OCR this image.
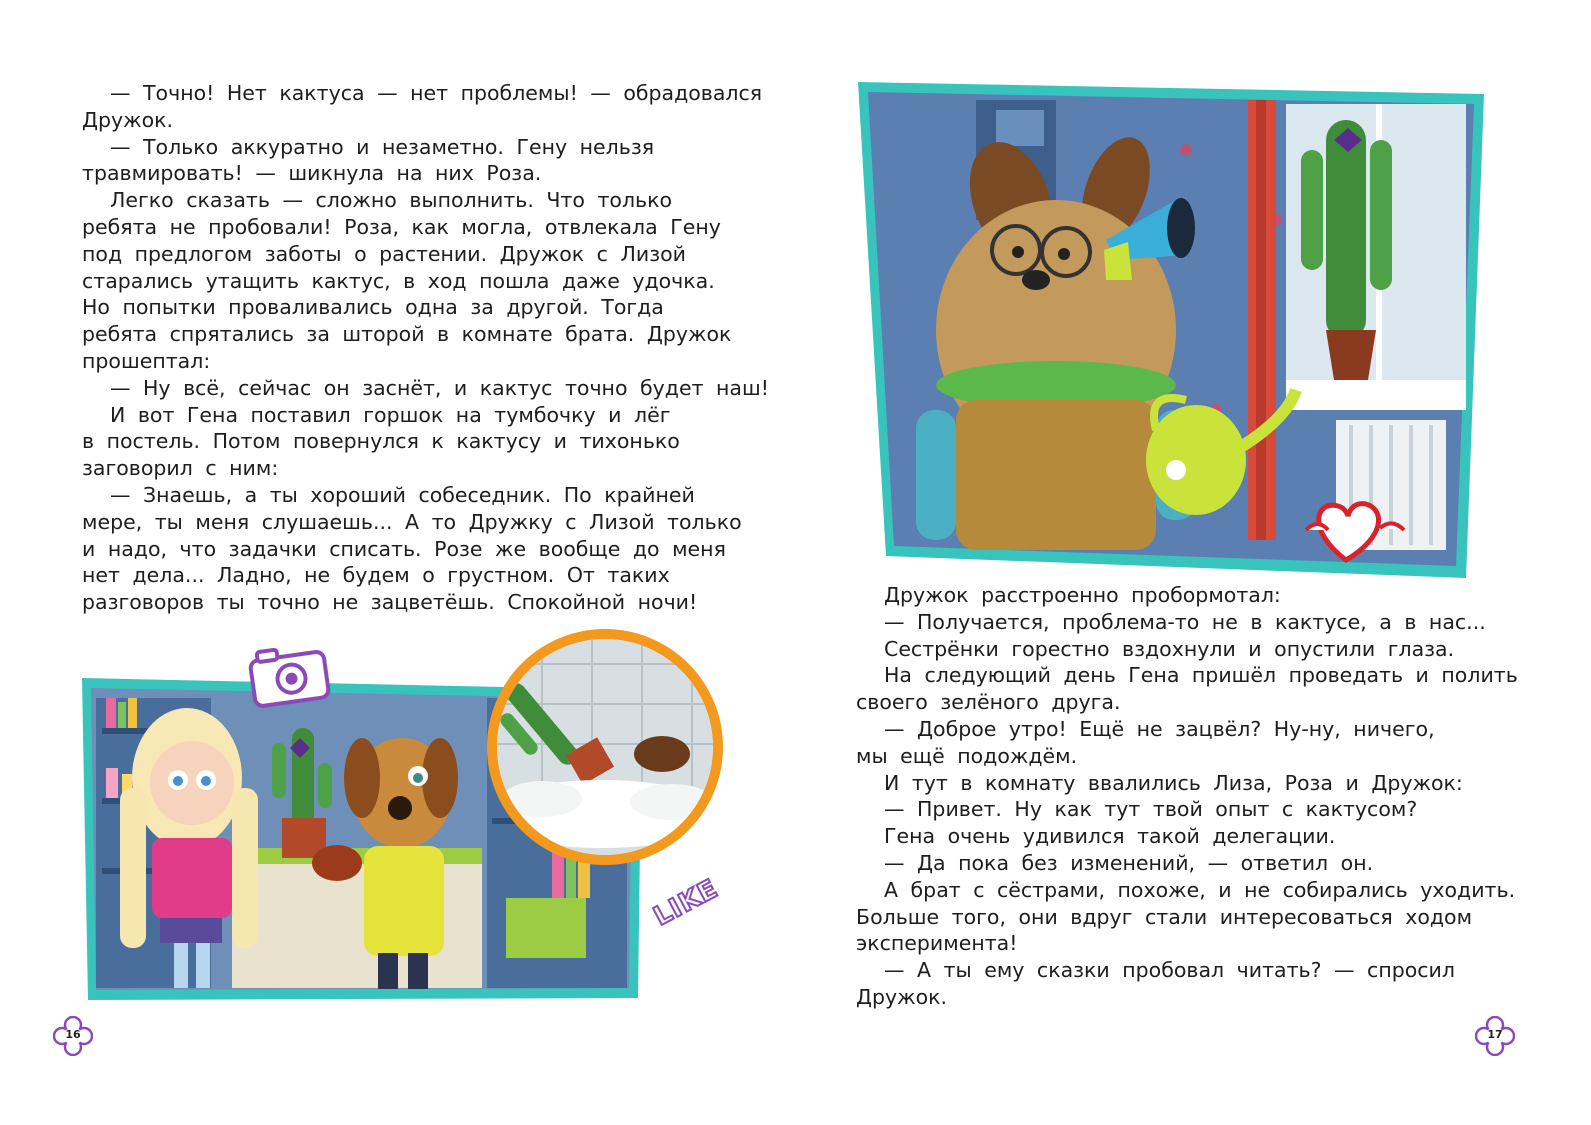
— Точно! Нет кактуса — нет проблемы! — обрадовался
Дружок.
— Только аккуратно и незаметно. Гену нельзя
травмировать! — шикнула на них Роза.
Легко сказать — сложно выполнить. Что только
ребята не пробовали! Роза, как могла, отвлекала Гену
под предлогом заботы о растении. Дружок с Лизой
старались утащить кактус, в ход пошла даже удочка.
Но попытки проваливались одна за другой. Тогда
ребята спрятались за шторой в комнате брата. Дружок
прошептал:
— Ну всё, сейчас он заснёт, и кактус точно будет наш!
И вот Гена поставил горшок на тумбочку и лёг
в постель. Потом повернулся к кактусу и тихонько
заговорил с ним:
— Знаешь, а ты хороший собеседник. По крайней
мере, ты меня слушаешь... А то Дружку с Лизой только
и надо, что задачки списать. Розе же вообще до меня
нет дела... Ладно, не будем о грустном. От таких
разговоров ты точно не зацветёшь. Спокойной ночи!
LIKE
Дружок расстроенно пробормотал:
— Получается, проблема-то не в кактусе, а в нас...
Сестрёнки горестно вздохнули и опустили глаза.
На следующий день Гена пришёл проведать и полить
своего зелёного друга.
— Доброе утро! Ещё не зацвёл? Ну-ну, ничего,
мы ещё подождём.
И тут в комнату ввалились Лиза, Роза и Дружок:
— Привет. Ну как тут твой опыт с кактусом?
Гена очень удивился такой делегации.
— Да пока без изменений, — ответил он.
А брат с сёстрами, похоже, и не собирались уходить.
Больше того, они вдруг стали интересоваться ходом
эксперимента!
— А ты ему сказки пробовал читать? — спросил
Дружок.
16	17
